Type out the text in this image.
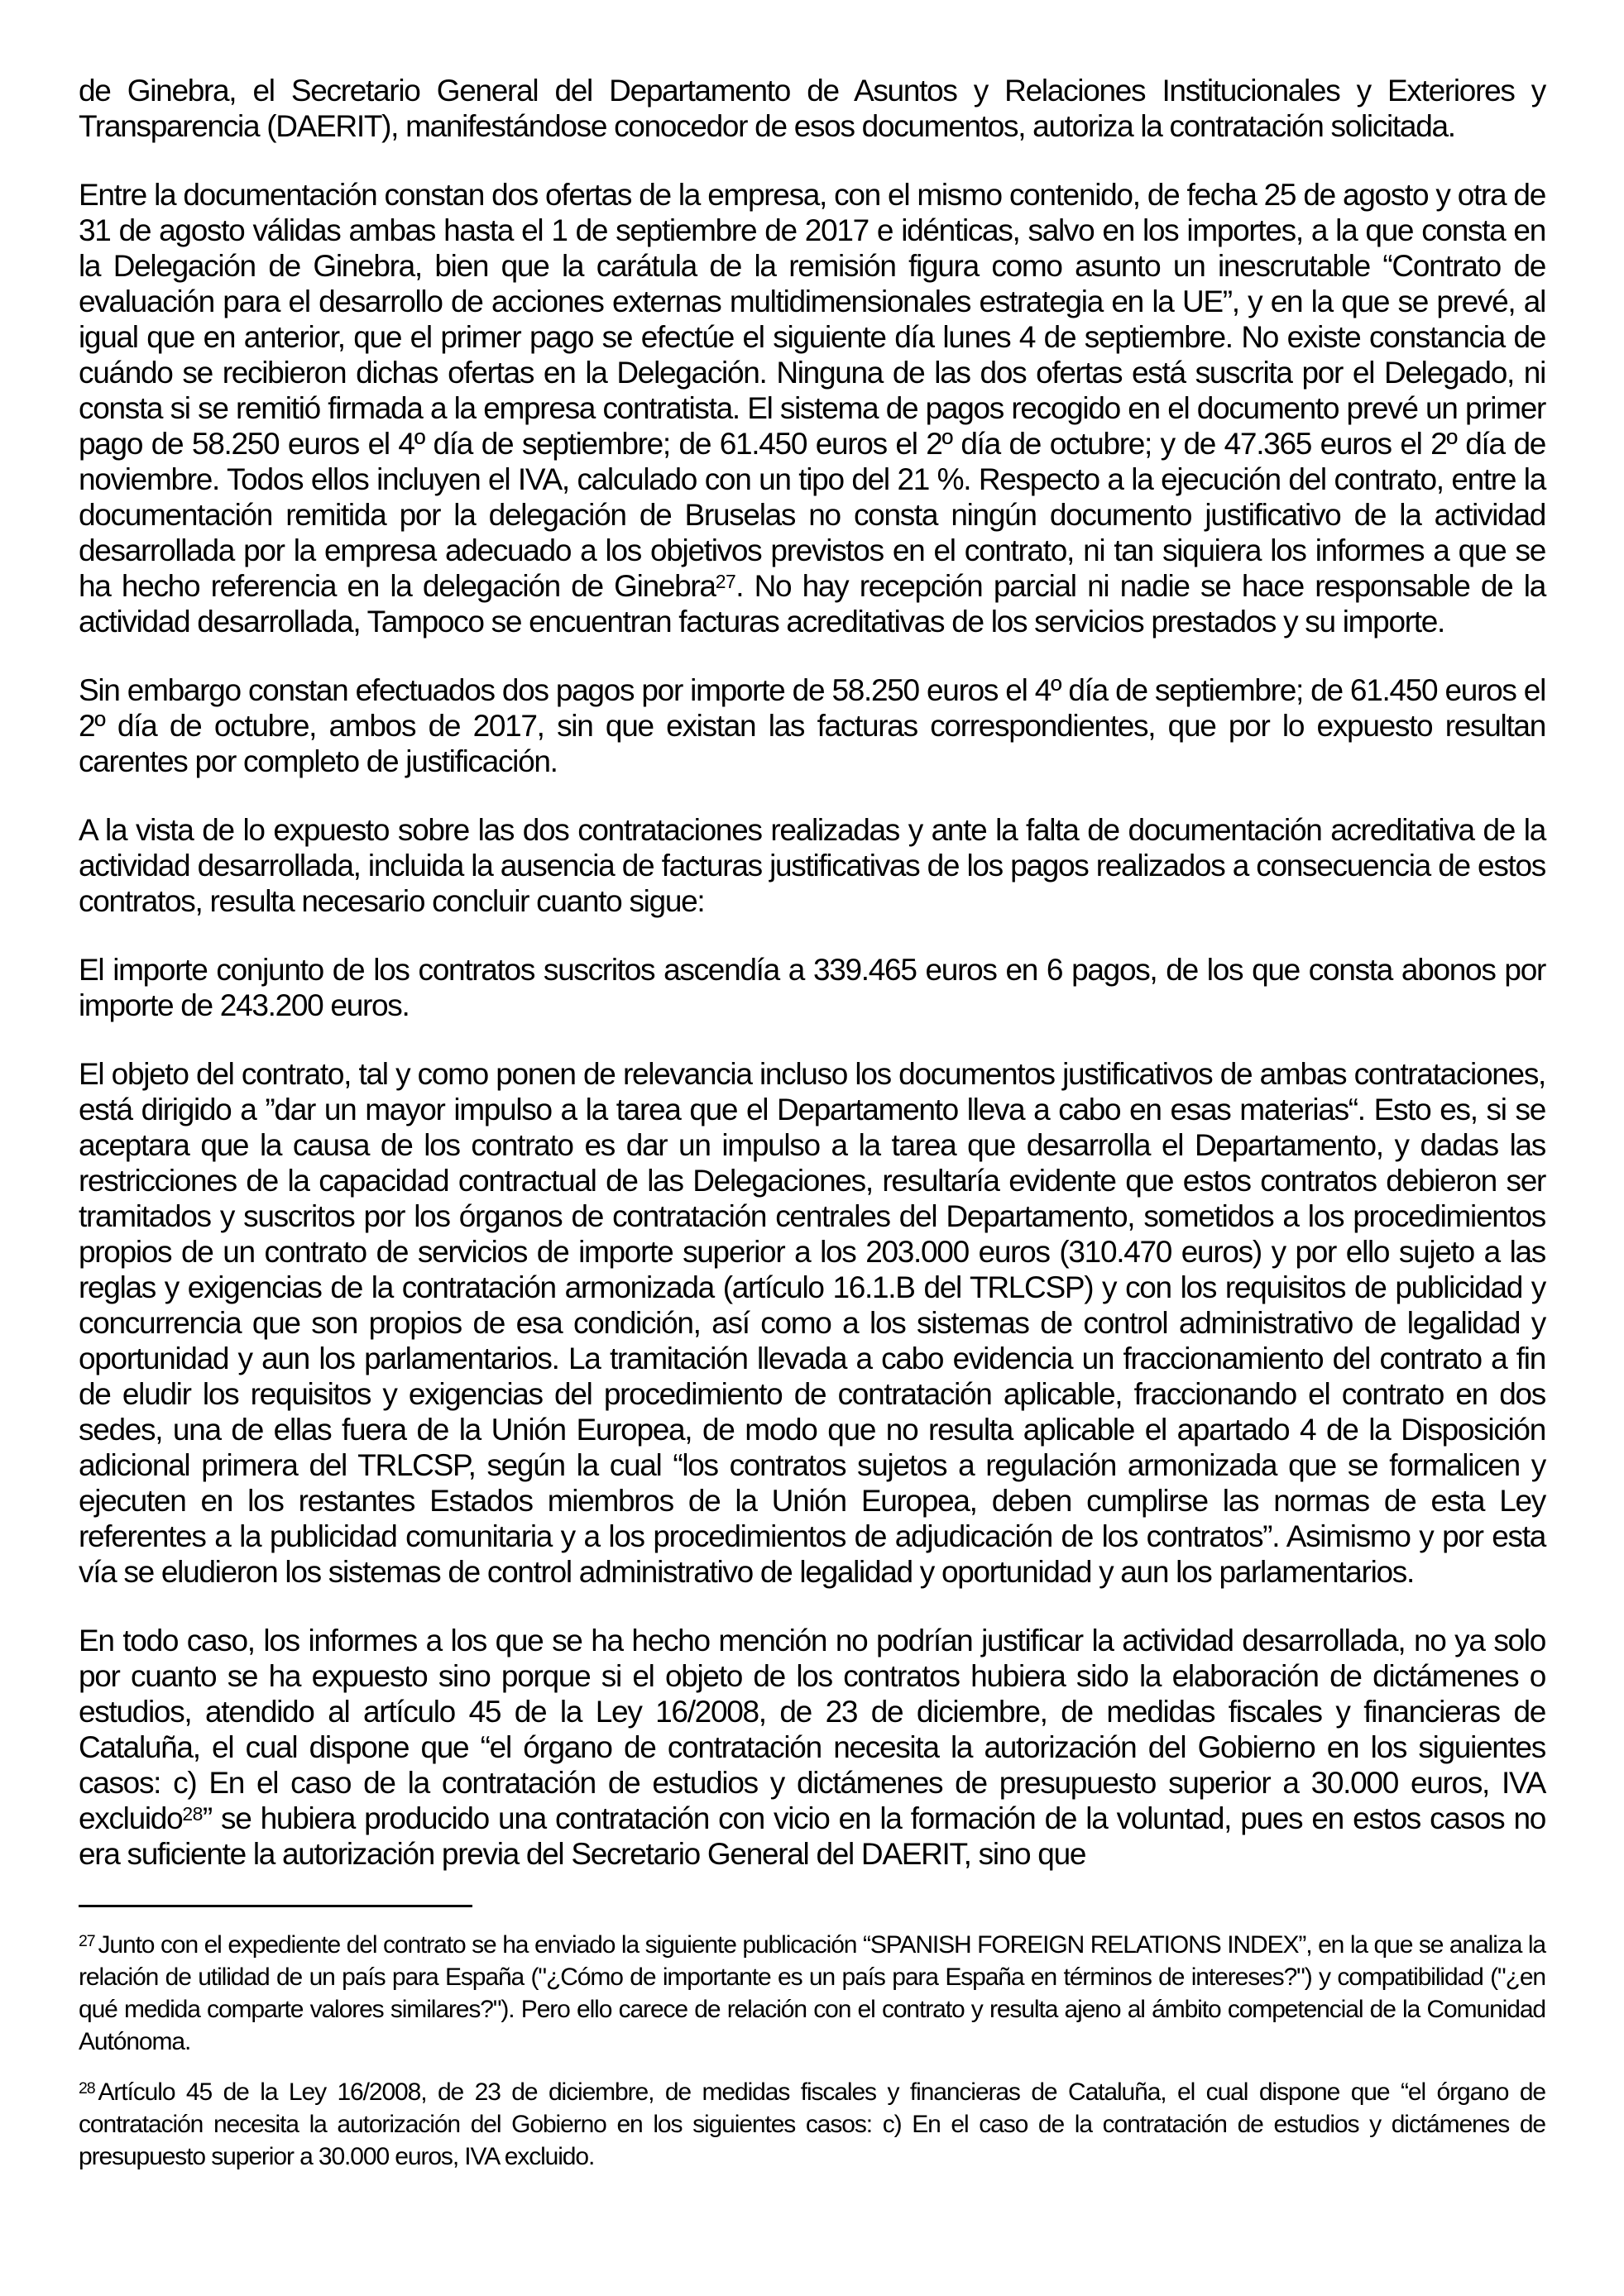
de Ginebra, el Secretario General del Departamento de Asuntos y Relaciones Institucionales y Exteriores y Transparencia (DAERIT), manifestándose conocedor de esos documentos, autoriza la contratación solicitada.

Entre la documentación constan dos ofertas de la empresa, con el mismo contenido, de fecha 25 de agosto y otra de 31 de agosto válidas ambas hasta el 1 de septiembre de 2017 e idénticas, salvo en los importes, a la que consta en la Delegación de Ginebra, bien que la carátula de la remisión figura como asunto un inescrutable “Contrato de evaluación para el desarrollo de acciones externas multidimensionales estrategia en la UE”, y en la que se prevé, al igual que en anterior, que el primer pago se efectúe el siguiente día lunes 4 de septiembre. No existe constancia de cuándo se recibieron dichas ofertas en la Delegación. Ninguna de las dos ofertas está suscrita por el Delegado, ni consta si se remitió firmada a la empresa contratista. El sistema de pagos recogido en el documento prevé un primer pago de 58.250 euros el 4º día de septiembre; de 61.450 euros el 2º día de octubre; y de 47.365 euros el 2º día de noviembre. Todos ellos incluyen el IVA, calculado con un tipo del 21 %. Respecto a la ejecución del contrato, entre la documentación remitida por la delegación de Bruselas no consta ningún documento justificativo de la actividad desarrollada por la empresa adecuado a los objetivos previstos en el contrato, ni tan siquiera los informes a que se ha hecho referencia en la delegación de Ginebra$^{27}$. No hay recepción parcial ni nadie se hace responsable de la actividad desarrollada, Tampoco se encuentran facturas acreditativas de los servicios prestados y su importe.

Sin embargo constan efectuados dos pagos por importe de 58.250 euros el 4º día de septiembre; de 61.450 euros el 2º día de octubre, ambos de 2017, sin que existan las facturas correspondientes, que por lo expuesto resultan carentes por completo de justificación.

A la vista de lo expuesto sobre las dos contrataciones realizadas y ante la falta de documentación acreditativa de la actividad desarrollada, incluida la ausencia de facturas justificativas de los pagos realizados a consecuencia de estos contratos, resulta necesario concluir cuanto sigue:

El importe conjunto de los contratos suscritos ascendía a 339.465 euros en 6 pagos, de los que consta abonos por importe de 243.200 euros.

El objeto del contrato, tal y como ponen de relevancia incluso los documentos justificativos de ambas contrataciones, está dirigido a ”dar un mayor impulso a la tarea que el Departamento lleva a cabo en esas materias“. Esto es, si se aceptara que la causa de los contrato es dar un impulso a la tarea que desarrolla el Departamento, y dadas las restricciones de la capacidad contractual de las Delegaciones, resultaría evidente que estos contratos debieron ser tramitados y suscritos por los órganos de contratación centrales del Departamento, sometidos a los procedimientos propios de un contrato de servicios de importe superior a los 203.000 euros (310.470 euros) y por ello sujeto a las reglas y exigencias de la contratación armonizada (artículo 16.1.B del TRLCSP) y con los requisitos de publicidad y concurrencia que son propios de esa condición, así como a los sistemas de control administrativo de legalidad y oportunidad y aun los parlamentarios. La tramitación llevada a cabo evidencia un fraccionamiento del contrato a fin de eludir los requisitos y exigencias del procedimiento de contratación aplicable, fraccionando el contrato en dos sedes, una de ellas fuera de la Unión Europea, de modo que no resulta aplicable el apartado 4 de la Disposición adicional primera del TRLCSP, según la cual “los contratos sujetos a regulación armonizada que se formalicen y ejecuten en los restantes Estados miembros de la Unión Europea, deben cumplirse las normas de esta Ley referentes a la publicidad comunitaria y a los procedimientos de adjudicación de los contratos”. Asimismo y por esta vía se eludieron los sistemas de control administrativo de legalidad y oportunidad y aun los parlamentarios.

En todo caso, los informes a los que se ha hecho mención no podrían justificar la actividad desarrollada, no ya solo por cuanto se ha expuesto sino porque si el objeto de los contratos hubiera sido la elaboración de dictámenes o estudios, atendido al artículo 45 de la Ley 16/2008, de 23 de diciembre, de medidas fiscales y financieras de Cataluña, el cual dispone que “el órgano de contratación necesita la autorización del Gobierno en los siguientes casos: c) En el caso de la contratación de estudios y dictámenes de presupuesto superior a 30.000 euros, IVA excluido$^{28}$” se hubiera producido una contratación con vicio en la formación de la voluntad, pues en estos casos no era suficiente la autorización previa del Secretario General del DAERIT, sino que

$^{27}$ Junto con el expediente del contrato se ha enviado la siguiente publicación “SPANISH FOREIGN RELATIONS INDEX”, en la que se analiza la relación de utilidad de un país para España ("¿Cómo de importante es un país para España en términos de intereses?") y compatibilidad ("¿en qué medida comparte valores similares?"). Pero ello carece de relación con el contrato y resulta ajeno al ámbito competencial de la Comunidad Autónoma.
$^{28}$ Artículo 45 de la Ley 16/2008, de 23 de diciembre, de medidas fiscales y financieras de Cataluña, el cual dispone que “el órgano de contratación necesita la autorización del Gobierno en los siguientes casos: c) En el caso de la contratación de estudios y dictámenes de presupuesto superior a 30.000 euros, IVA excluido.
